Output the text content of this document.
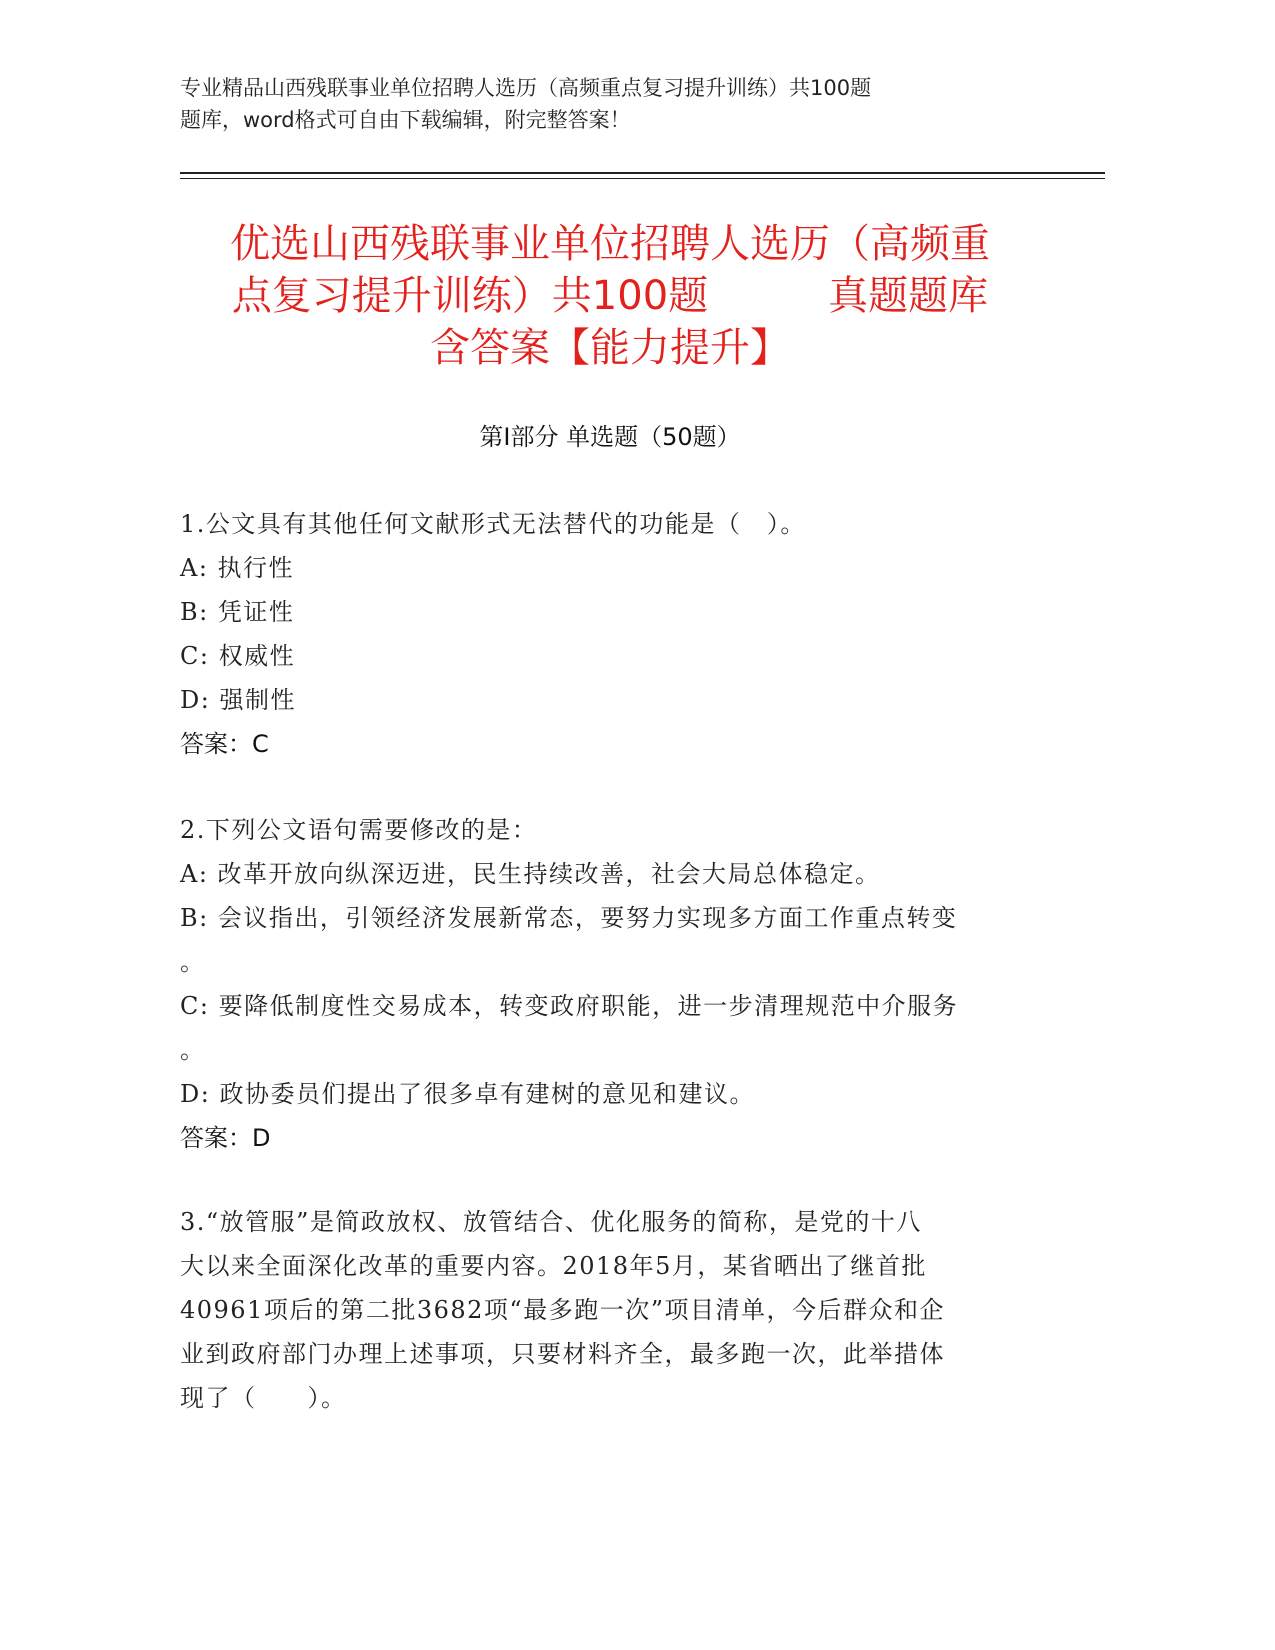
专业精品山西残联事业单位招聘人选历（高频重点复习提升训练）共100题
题库，word格式可自由下载编辑，附完整答案！
优选山西残联事业单位招聘人选历（高频重
点复习提升训练）共100题	真题题库
含答案【能力提升】
第I部分 单选题（50题）
1.公文具有其他任何文献形式无法替代的功能是（　）。
A: 执行性
B: 凭证性
C: 权威性
D: 强制性
答案：C
2.下列公文语句需要修改的是：
A: 改革开放向纵深迈进，民生持续改善，社会大局总体稳定。
B: 会议指出，引领经济发展新常态，要努力实现多方面工作重点转变
。
C: 要降低制度性交易成本，转变政府职能，进一步清理规范中介服务
。
D: 政协委员们提出了很多卓有建树的意见和建议。
答案：D
3.“放管服”是简政放权、放管结合、优化服务的简称，是党的十八
大以来全面深化改革的重要内容。2018年5月，某省晒出了继首批
40961项后的第二批3682项“最多跑一次”项目清单，今后群众和企
业到政府部门办理上述事项，只要材料齐全，最多跑一次，此举措体
现了（　　）。
